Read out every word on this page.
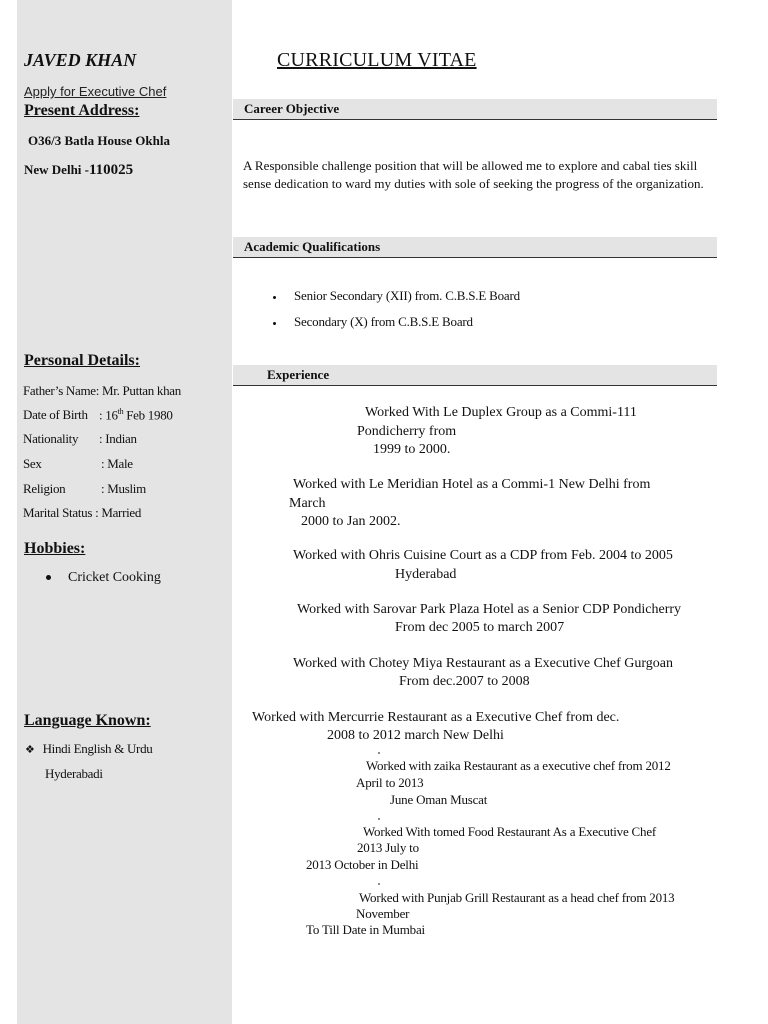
JAVED KHAN
Apply for Executive Chef
Present Address:
O36/3 Batla House Okhla
New Delhi -110025
Personal Details:
Father’s Name: Mr. Puttan khan
Date of Birth : 16th Feb 1980
Nationality : Indian
Sex	: Male
Religion	: Muslim
Marital Status : Married
Hobbies:
Cricket Cooking
Language Known:
❖ Hindi English & Urdu
Hyderabadi
CURRICULUM VITAE
Career Objective
A Responsible challenge position that will be allowed me to explore and cabal ties skill sense dedication to ward my duties with sole of seeking the progress of the organization.
Academic Qualifications
Senior Secondary (XII) from. C.B.S.E Board
Secondary (X) from C.B.S.E Board
Experience
Worked With Le Duplex Group as a Commi-111
Pondicherry from
1999 to 2000.
Worked with Le Meridian Hotel as a Commi-1 New Delhi from
March
2000 to Jan 2002.
Worked with Ohris Cuisine Court as a CDP from Feb. 2004 to 2005
Hyderabad
Worked with Sarovar Park Plaza Hotel as a Senior CDP Pondicherry
From dec 2005 to march 2007
Worked with Chotey Miya Restaurant as a Executive Chef Gurgoan
From dec.2007 to 2008
Worked with Mercurrie Restaurant as a Executive Chef from dec.
2008 to 2012 march New Delhi
Worked with zaika Restaurant as a executive chef from 2012
April to 2013
June Oman Muscat
Worked With tomed Food Restaurant As a Executive Chef
2013 July to
2013 October in Delhi
Worked with Punjab Grill Restaurant as a head chef from 2013
November
To Till Date in Mumbai
